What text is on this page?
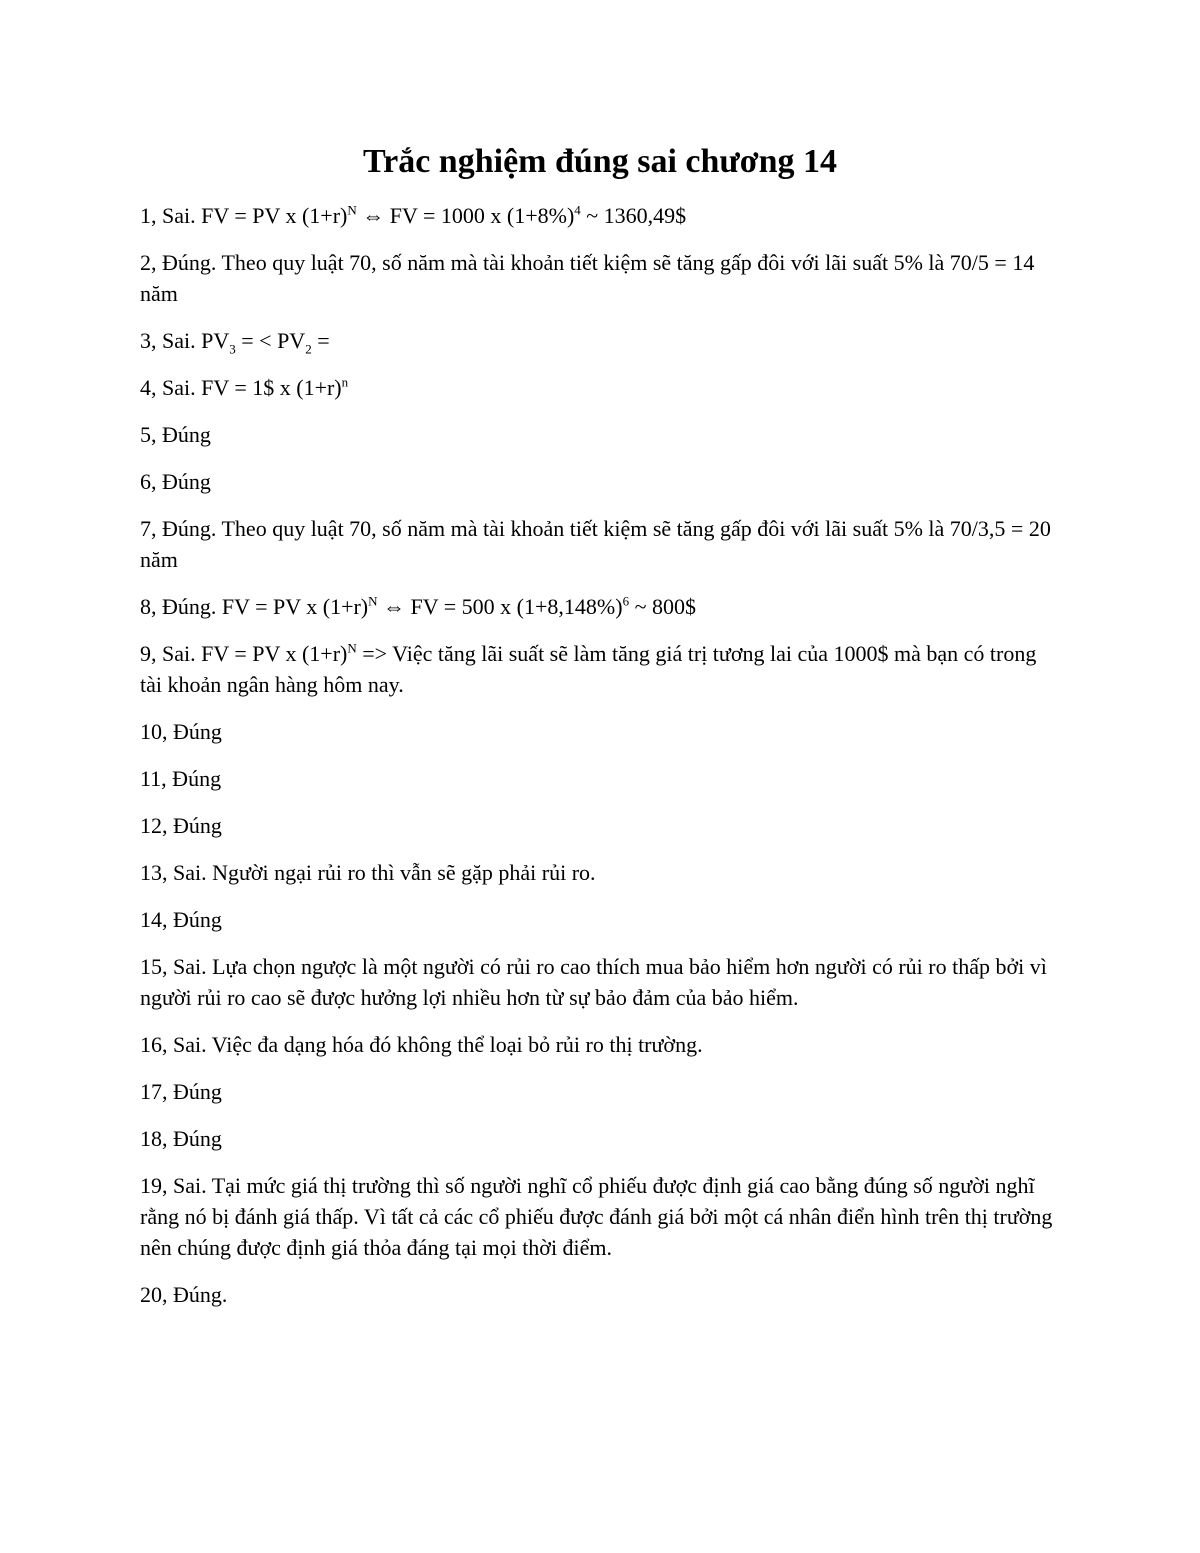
Trắc nghiệm đúng sai chương 14

1, Sai. FV = PV x $(1+r)^N$ ⇔ FV = 1000 x $(1+8\%)^4$ ~ 1360,49$

2, Đúng. Theo quy luật 70, số năm mà tài khoản tiết kiệm sẽ tăng gấp đôi với lãi suất 5% là 70/5 = 14 năm

3, Sai. $PV_3$ = < $PV_2$ =

4, Sai. FV = 1$ x $(1+r)^n$

5, Đúng

6, Đúng

7, Đúng. Theo quy luật 70, số năm mà tài khoản tiết kiệm sẽ tăng gấp đôi với lãi suất 5% là 70/3,5 = 20 năm

8, Đúng. FV = PV x $(1+r)^N$ ⇔ FV = 500 x $(1+8,148\%)^6$ ~ 800$

9, Sai. FV = PV x $(1+r)^N$ => Việc tăng lãi suất sẽ làm tăng giá trị tương lai của 1000$ mà bạn có trong tài khoản ngân hàng hôm nay.

10, Đúng

11, Đúng

12, Đúng

13, Sai. Người ngại rủi ro thì vẫn sẽ gặp phải rủi ro.

14, Đúng

15, Sai. Lựa chọn ngược là một người có rủi ro cao thích mua bảo hiểm hơn người có rủi ro thấp bởi vì người rủi ro cao sẽ được hưởng lợi nhiều hơn từ sự bảo đảm của bảo hiểm.

16, Sai. Việc đa dạng hóa đó không thể loại bỏ rủi ro thị trường.

17, Đúng

18, Đúng

19, Sai. Tại mức giá thị trường thì số người nghĩ cổ phiếu được định giá cao bằng đúng số người nghĩ rằng nó bị đánh giá thấp. Vì tất cả các cổ phiếu được đánh giá bởi một cá nhân điển hình trên thị trường nên chúng được định giá thỏa đáng tại mọi thời điểm.

20, Đúng.
